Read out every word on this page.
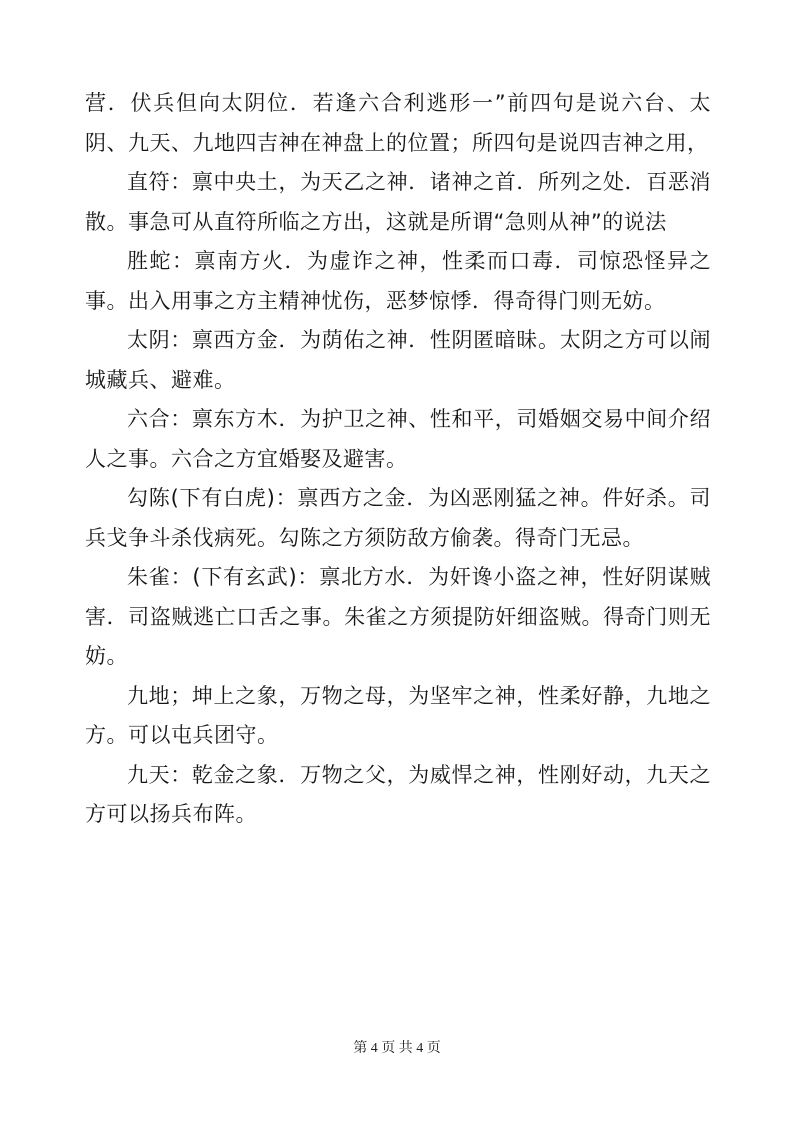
营．伏兵但向太阴位．若逢六合利逃形一”前四句是说六台、太阴、九天、九地四吉神在神盘上的位置；所四句是说四吉神之用，

直符：禀中央土，为天乙之神．诸神之首．所列之处．百恶消散。事急可从直符所临之方出，这就是所谓“急则从神”的说法

胜蛇：禀南方火．为虚诈之神，性柔而口毒．司惊恐怪异之事。出入用事之方主精神忧伤，恶梦惊悸．得奇得门则无妨。

太阴：禀西方金．为荫佑之神．性阴匿暗昧。太阴之方可以闹城藏兵、避难。

六合：禀东方木．为护卫之神、性和平，司婚姻交易中间介绍人之事。六合之方宜婚娶及避害。

勾陈(下有白虎)：禀西方之金．为凶恶刚猛之神。件好杀。司兵戈争斗杀伐病死。勾陈之方须防敌方偷袭。得奇门无忌。

朱雀：(下有玄武)：禀北方水．为奸谗小盗之神，性好阴谋贼害．司盗贼逃亡口舌之事。朱雀之方须提防奸细盗贼。得奇门则无妨。

九地；坤上之象，万物之母，为坚牢之神，性柔好静，九地之方。可以屯兵团守。

九天：乾金之象．万物之父，为威悍之神，性刚好动，九天之方可以扬兵布阵。

第 4 页 共 4 页
